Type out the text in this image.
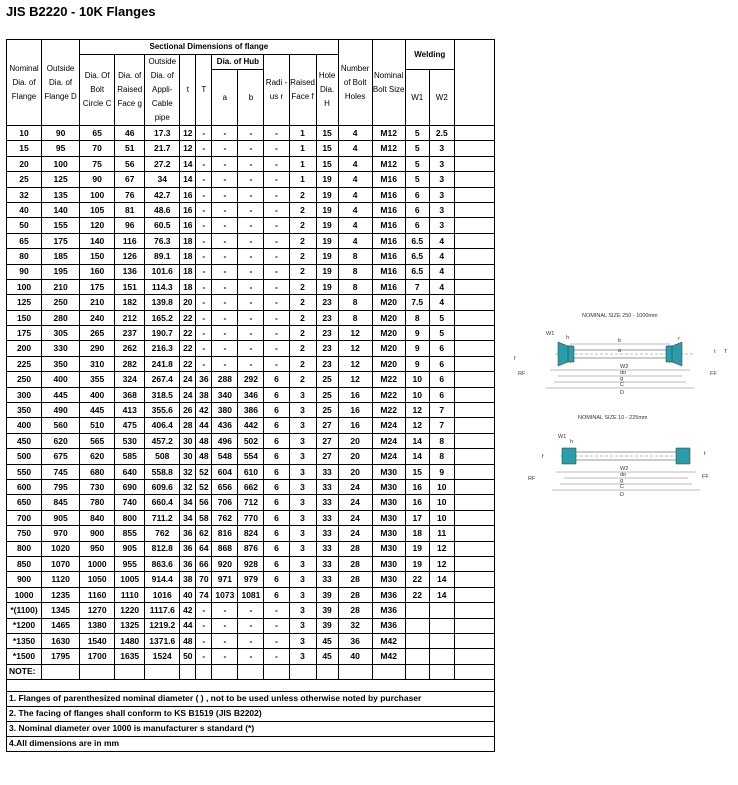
JIS B2220 - 10K Flanges
Nominal Dia. of Flange	Outside Dia. of Flange D	Sectional Dimensions of flange										Number of Bolt Holes	Nominal Bolt Size	Welding		
		Dia. Of Bolt Circle C	Dia. of Raised Face g	Outside Dia. of Appli-Cable pipe	t	T	Dia. of Hub		Radi -us r	Raised Face f	Hole Dia. H					
							a	b						W1	W2	
10	90	65	46	17.3	12	-	-	-	-	1	15	4	M12	5	2.5	
15	95	70	51	21.7	12	-	-	-	-	1	15	4	M12	5	3	
20	100	75	56	27.2	14	-	-	-	-	1	15	4	M12	5	3	
25	125	90	67	34	14	-	-	-	-	1	19	4	M16	5	3	
32	135	100	76	42.7	16	-	-	-	-	2	19	4	M16	6	3	
40	140	105	81	48.6	16	-	-	-	-	2	19	4	M16	6	3	
50	155	120	96	60.5	16	-	-	-	-	2	19	4	M16	6	3	
65	175	140	116	76.3	18	-	-	-	-	2	19	4	M16	6.5	4	
80	185	150	126	89.1	18	-	-	-	-	2	19	8	M16	6.5	4	
90	195	160	136	101.6	18	-	-	-	-	2	19	8	M16	6.5	4	
100	210	175	151	114.3	18	-	-	-	-	2	19	8	M16	7	4	
125	250	210	182	139.8	20	-	-	-	-	2	23	8	M20	7.5	4	
150	280	240	212	165.2	22	-	-	-	-	2	23	8	M20	8	5	
175	305	265	237	190.7	22	-	-	-	-	2	23	12	M20	9	5	
200	330	290	262	216.3	22	-	-	-	-	2	23	12	M20	9	6	
225	350	310	282	241.8	22	-	-	-	-	2	23	12	M20	9	6	
250	400	355	324	267.4	24	36	288	292	6	2	25	12	M22	10	6	
300	445	400	368	318.5	24	38	340	346	6	3	25	16	M22	10	6	
350	490	445	413	355.6	26	42	380	386	6	3	25	16	M22	12	7	
400	560	510	475	406.4	28	44	436	442	6	3	27	16	M24	12	7	
450	620	565	530	457.2	30	48	496	502	6	3	27	20	M24	14	8	
500	675	620	585	508	30	48	548	554	6	3	27	20	M24	14	8	
550	745	680	640	558.8	32	52	604	610	6	3	33	20	M30	15	9	
600	795	730	690	609.6	32	52	656	662	6	3	33	24	M30	16	10	
650	845	780	740	660.4	34	56	706	712	6	3	33	24	M30	16	10	
700	905	840	800	711.2	34	58	762	770	6	3	33	24	M30	17	10	
750	970	900	855	762	36	62	816	824	6	3	33	24	M30	18	11	
800	1020	950	905	812.8	36	64	868	876	6	3	33	28	M30	19	12	
850	1070	1000	955	863.6	36	66	920	928	6	3	33	28	M30	19	12	
900	1120	1050	1005	914.4	38	70	971	979	6	3	33	28	M30	22	14	
1000	1235	1160	1110	1016	40	74	1073	1081	6	3	39	28	M36	22	14	
*(1100)	1345	1270	1220	1117.6	42	-	-	-	-	3	39	28	M36			
*1200	1465	1380	1325	1219.2	44	-	-	-	-	3	39	32	M36			
*1350	1630	1540	1480	1371.6	48	-	-	-	-	3	45	36	M42			
*1500	1795	1700	1635	1524	50	-	-	-	-	3	45	40	M42			
NOTE:																

1. Flanges of parenthesized nominal diameter ( ) , not to be used unless otherwise noted by purchaser																
2. The facing of flanges shall conform to KS B1519 (JIS B2202)																
3. Nominal diameter over 1000 is manufacturer s standard (*)																
4.All dimensions are in mm																
NOMINAL SIZE 250 - 1000mm
W1
W2
b
a
r
do
g
C
D
RF	FF
h
t T
f
NOMINAL SIZE 10 - 225mm
W1
W2
do
g
C
D
RF	FF
h
t
f
